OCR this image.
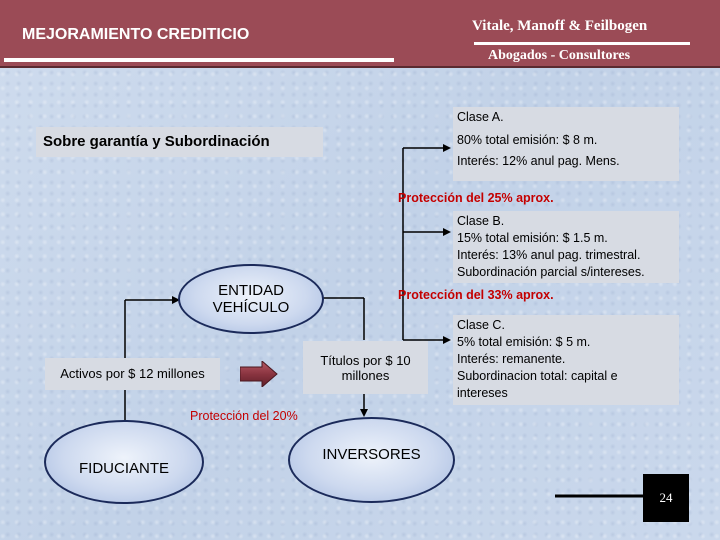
MEJORAMIENTO CREDITICIO	Vitale, Manoff & Feilbogen
Abogados - Consultores
Sobre garantía y Subordinación
Clase A.
80% total emisión: $ 8 m.
Interés: 12% anul pag. Mens.
Protección del 25% aprox.
Clase B.
15% total emisión: $ 1.5 m.
Interés: 13% anul pag. trimestral.
Subordinación parcial s/intereses.
Protección del 33% aprox.
ENTIDAD
VEHÍCULO
Clase C.
5% total emisión: $ 5 m.
Interés: remanente.
Subordinacion total: capital e
intereses
Activos por $ 12 millones
Títulos por $ 10
millones
Protección del 20%
FIDUCIANTE
INVERSORES
24
